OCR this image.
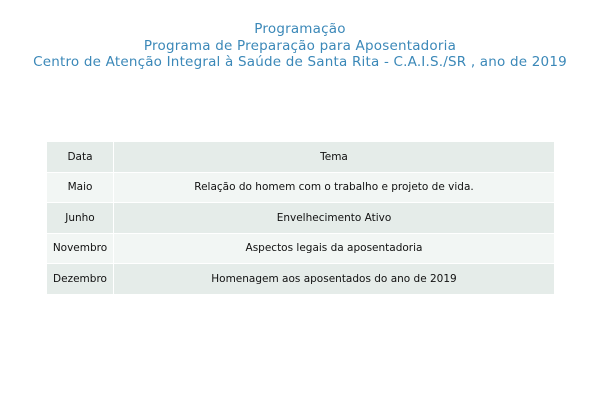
Programação
Programa de Preparação para Aposentadoria
Centro de Atenção Integral à Saúde de Santa Rita - C.A.I.S./SR , ano de 2019
Data	Tema
Maio	Relação do homem com o trabalho e projeto de vida.
Junho	Envelhecimento Ativo
Novembro	Aspectos legais da aposentadoria
Dezembro	Homenagem aos aposentados do ano de 2019
